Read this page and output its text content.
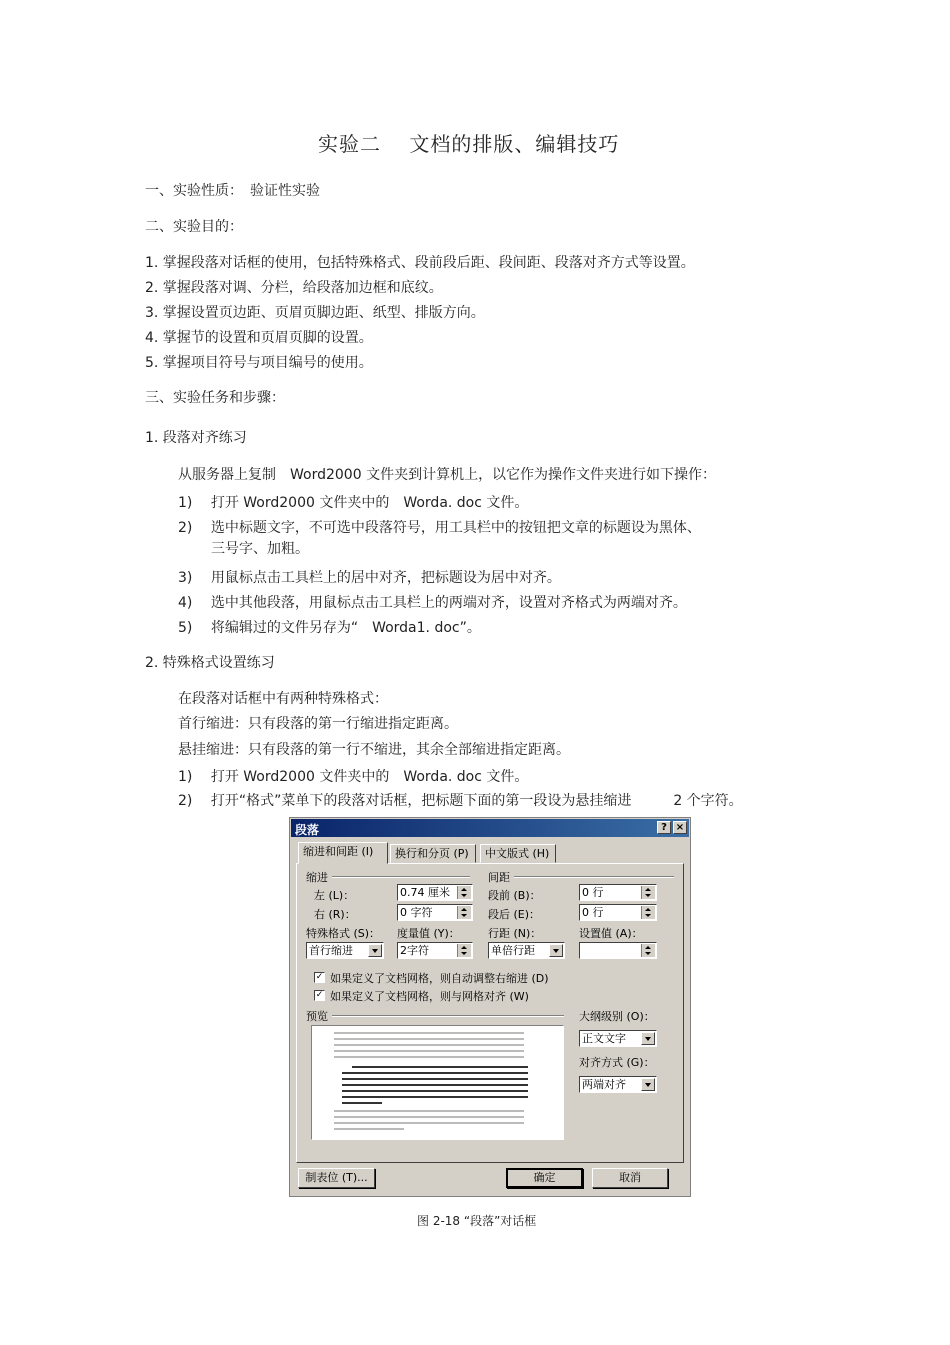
实验二　 文档的排版、编辑技巧
一、实验性质：　验证性实验
二、实验目的：
1. 掌握段落对话框的使用，包括特殊格式、段前段后距、段间距、段落对齐方式等设置。
2. 掌握段落对调、分栏，给段落加边框和底纹。
3. 掌握设置页边距、页眉页脚边距、纸型、排版方向。
4. 掌握节的设置和页眉页脚的设置。
5. 掌握项目符号与项目编号的使用。
三、实验任务和步骤：
1. 段落对齐练习
从服务器上复制　Word2000 文件夹到计算机上，以它作为操作文件夹进行如下操作：
1)　 打开 Word2000 文件夹中的　Worda. doc 文件。
2)　 选中标题文字，不可选中段落符号，用工具栏中的按钮把文章的标题设为黑体、
三号字、加粗。
3)　 用鼠标点击工具栏上的居中对齐，把标题设为居中对齐。
4)　 选中其他段落，用鼠标点击工具栏上的两端对齐，设置对齐格式为两端对齐。
5)　 将编辑过的文件另存为“　Worda1. doc”。
2. 特殊格式设置练习
在段落对话框中有两种特殊格式：
首行缩进：只有段落的第一行缩进指定距离。
悬挂缩进：只有段落的第一行不缩进，其余全部缩进指定距离。
1)　 打开 Word2000 文件夹中的　Worda. doc 文件。
2)　 打开“格式”菜单下的段落对话框，把标题下面的第一段设为悬挂缩进　　　2 个字符。
段落	? ×
缩进和间距 (I)	换行和分页 (P)	中文版式 (H)
缩进	间距
左 (L)：	0.74 厘米
右 (R)：	0 字符
段前 (B)：	0 行
段后 (E)：	0 行
特殊格式 (S)：
首行缩进
度量值 (Y)：
2字符
行距 (N)：
单倍行距
设置值 (A)：
✓ 如果定义了文档网格，则自动调整右缩进 (D)
✓ 如果定义了文档网格，则与网格对齐 (W)
预览	大纲级别 (O)：
正文文字
对齐方式 (G)：
两端对齐
制表位 (T)...	确定	取消
图 2-18 “段落”对话框
